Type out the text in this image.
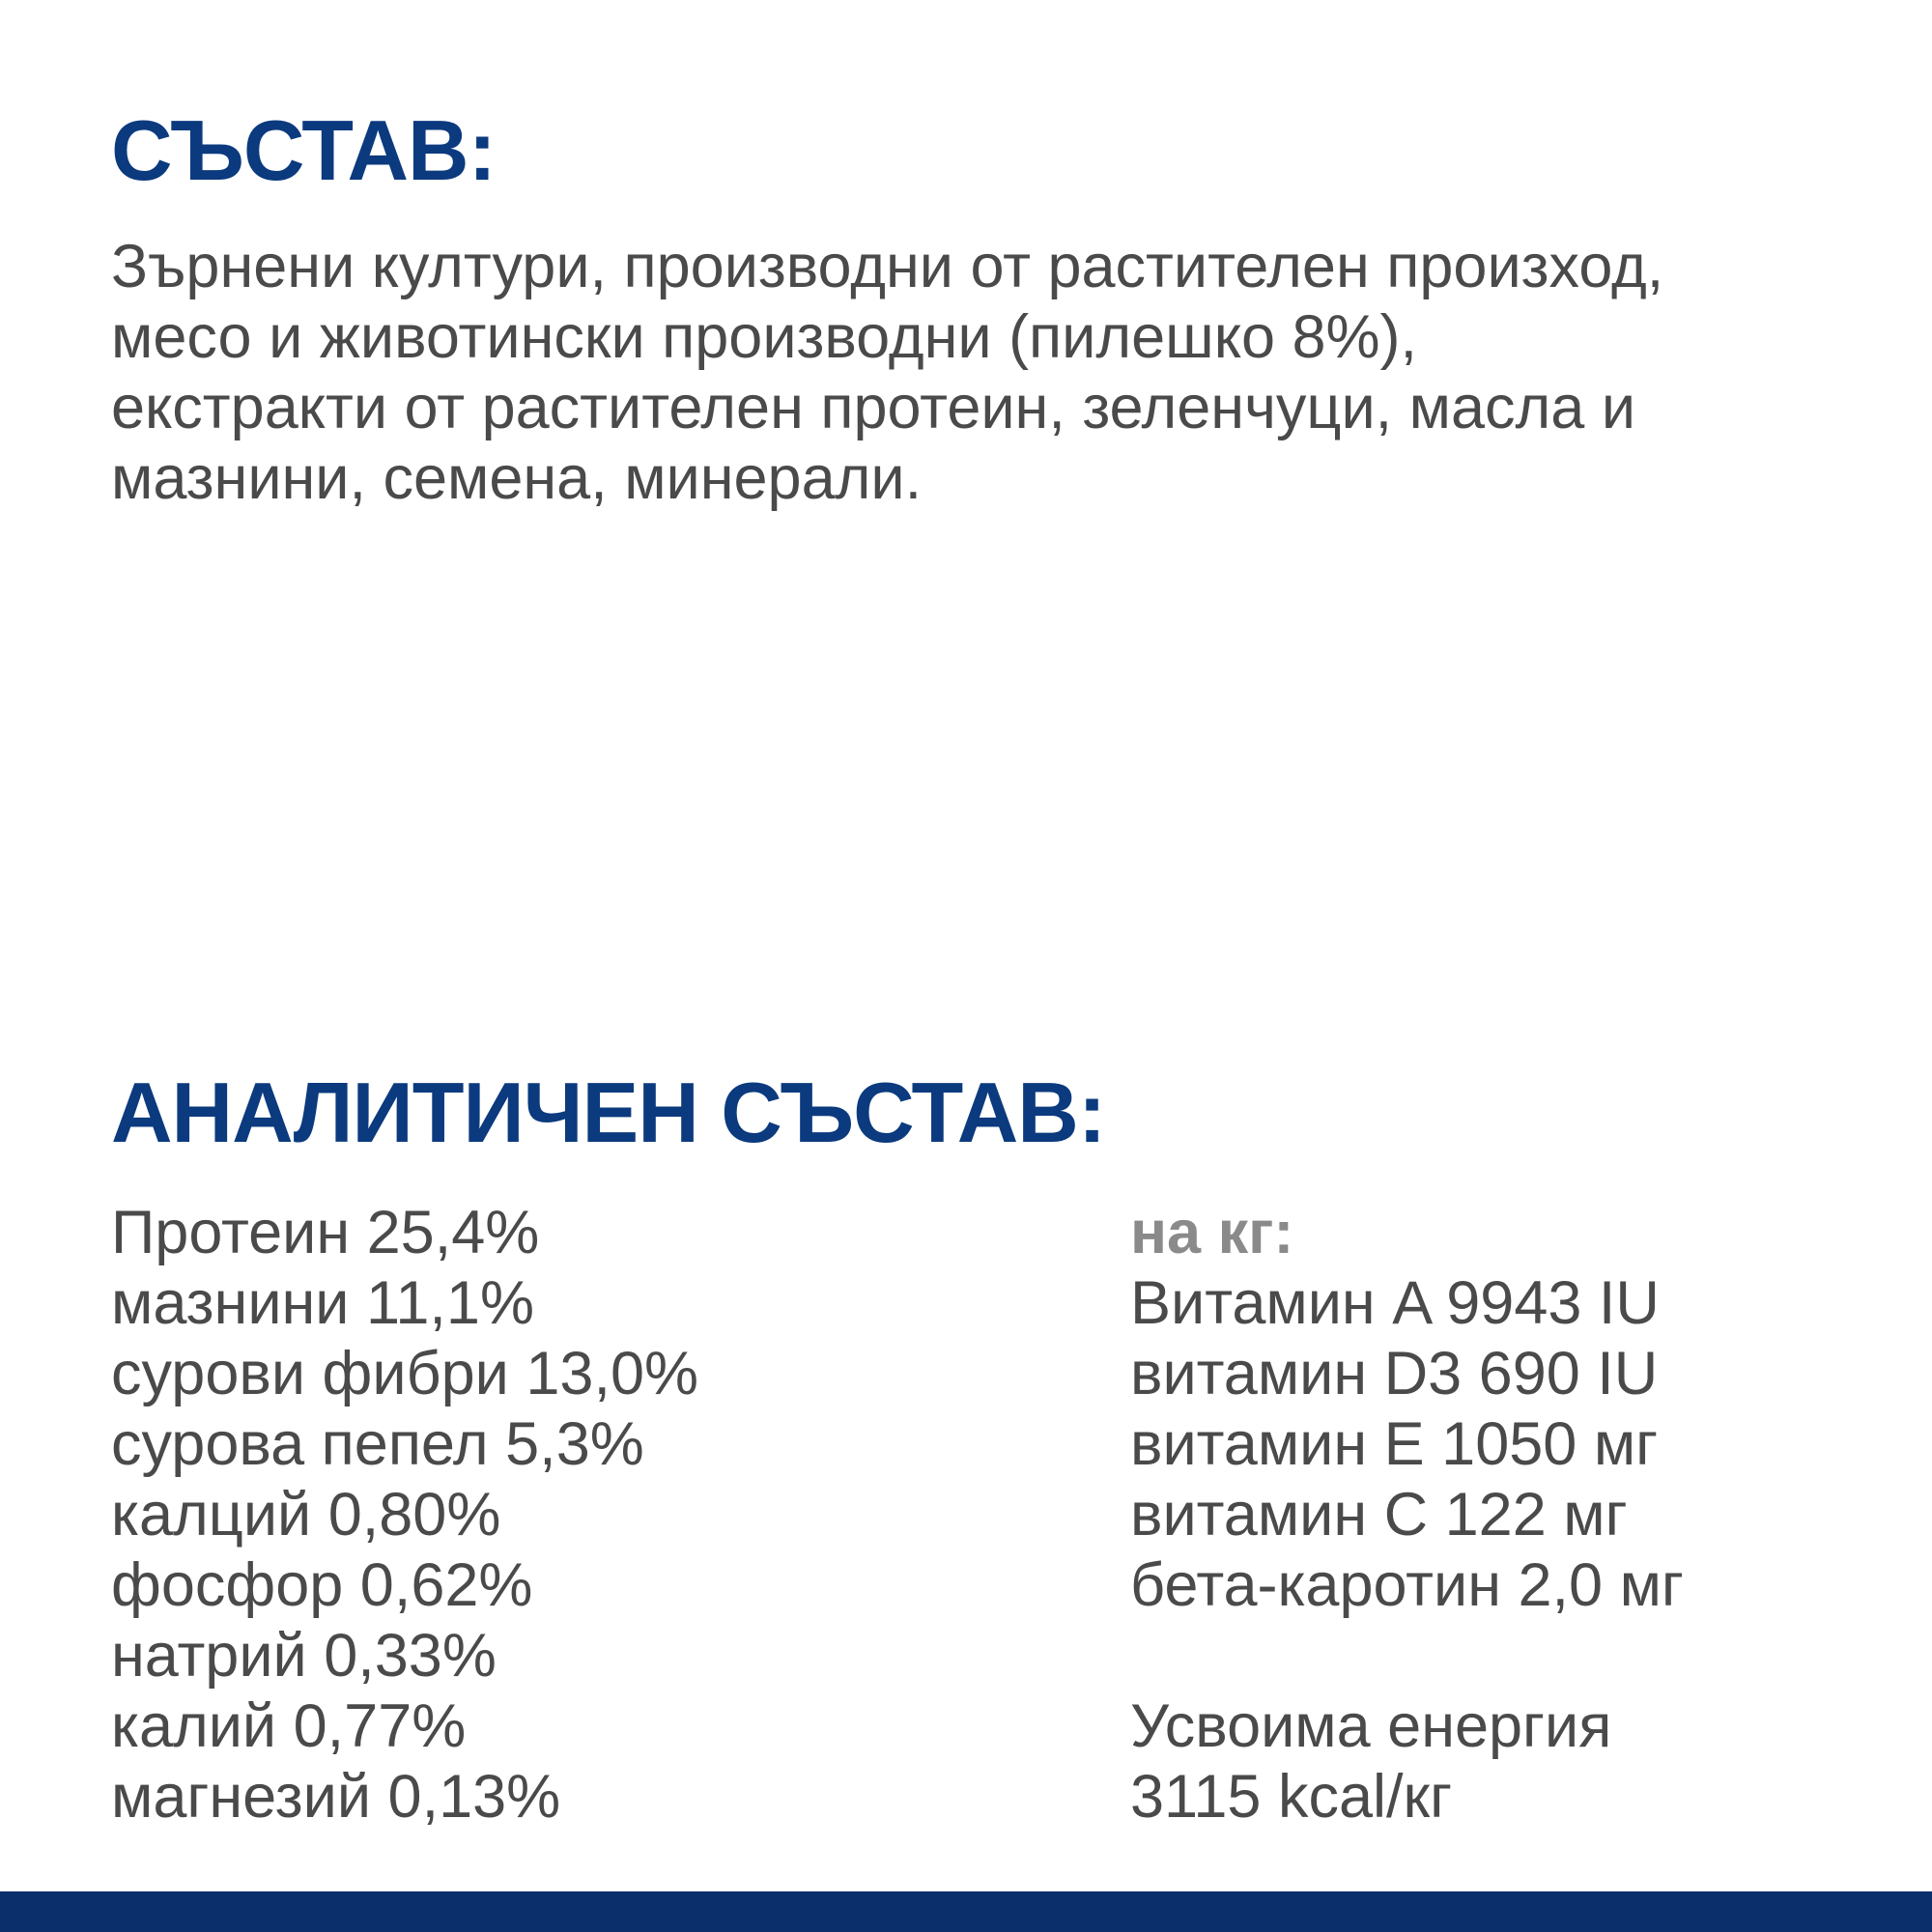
СЪСТАВ:

Зърнени култури, производни от растителен произход,
месо и животински производни (пилешко 8%),
екстракти от растителен протеин, зеленчуци, масла и
мазнини, семена, минерали.

АНАЛИТИЧЕН СЪСТАВ:
Протеин 25,4%
мазнини 11,1%
сурови фибри 13,0%
сурова пепел 5,3%
калций 0,80%
фосфор 0,62%
натрий 0,33%
калий 0,77%
магнезий 0,13%
на кг:
Витамин A 9943 IU
витамин D3 690 IU
витамин E 1050 мг
витамин C 122 мг
бета-каротин 2,0 мг
Усвоима енергия
3115 kcal/кг
